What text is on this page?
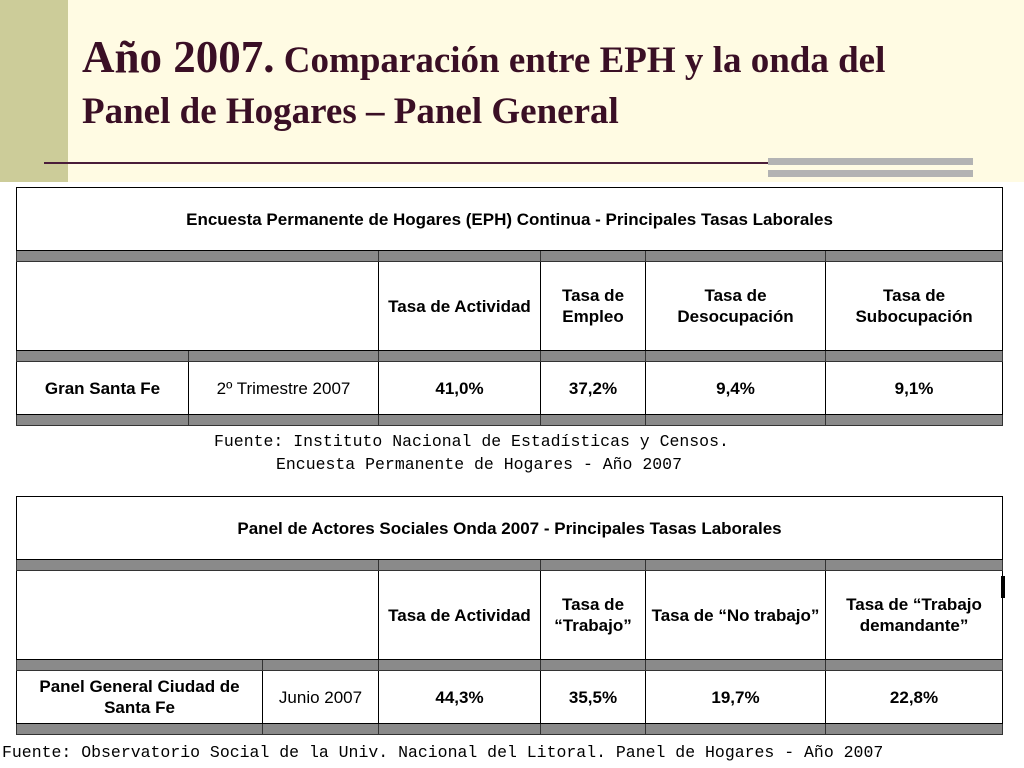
Año 2007. Comparación entre EPH y la onda del Panel de Hogares – Panel General
Encuesta Permanente de Hogares (EPH) Continua - Principales Tasas Laborales					

		Tasa de Actividad	Tasa de Empleo	Tasa de Desocupación	Tasa de Subocupación

Gran Santa Fe	2º Trimestre 2007	41,0%	37,2%	9,4%	9,1%

Fuente: Instituto Nacional de Estadísticas y Censos.
Encuesta Permanente de Hogares - Año 2007
Panel de Actores Sociales Onda 2007 - Principales Tasas Laborales					

		Tasa de Actividad	Tasa de “Trabajo”	Tasa de “No trabajo”	Tasa de “Trabajo demandante”

Panel General Ciudad de Santa Fe	Junio 2007	44,3%	35,5%	19,7%	22,8%

Fuente: Observatorio Social de la Univ. Nacional del Litoral. Panel de Hogares - Año 2007
